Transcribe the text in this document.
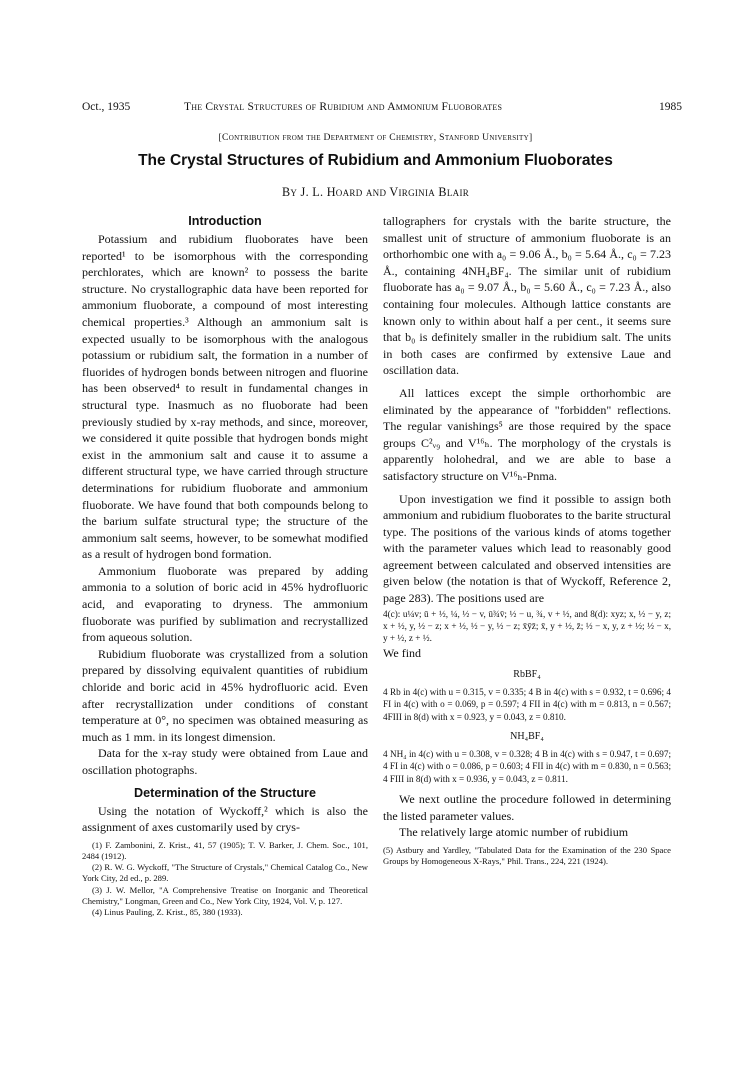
Oct., 1935	The Crystal Structures of Rubidium and Ammonium Fluoborates	1985
[Contribution from the Department of Chemistry, Stanford University]
The Crystal Structures of Rubidium and Ammonium Fluoborates
By J. L. Hoard and Virginia Blair
Introduction

Potassium and rubidium fluoborates have been reported¹ to be isomorphous with the corresponding perchlorates, which are known² to possess the barite structure. No crystallographic data have been reported for ammonium fluoborate, a compound of most interesting chemical properties.³ Although an ammonium salt is expected usually to be isomorphous with the analogous potassium or rubidium salt, the formation in a number of fluorides of hydrogen bonds between nitrogen and fluorine has been observed⁴ to result in fundamental changes in structural type. Inasmuch as no fluoborate had been previously studied by x-ray methods, and since, moreover, we considered it quite possible that hydrogen bonds might exist in the ammonium salt and cause it to assume a different structural type, we have carried through structure determinations for rubidium fluoborate and ammonium fluoborate. We have found that both compounds belong to the barium sulfate structural type; the structure of the ammonium salt seems, however, to be somewhat modified as a result of hydrogen bond formation.

Ammonium fluoborate was prepared by adding ammonia to a solution of boric acid in 45% hydrofluoric acid, and evaporating to dryness. The ammonium fluoborate was purified by sublimation and recrystallized from aqueous solution.

Rubidium fluoborate was crystallized from a solution prepared by dissolving equivalent quantities of rubidium chloride and boric acid in 45% hydrofluoric acid. Even after recrystallization under conditions of constant temperature at 0°, no specimen was obtained measuring as much as 1 mm. in its longest dimension.

Data for the x-ray study were obtained from Laue and oscillation photographs.

Determination of the Structure

Using the notation of Wyckoff,² which is also the assignment of axes customarily used by crys-

(1) F. Zambonini, Z. Krist., 41, 57 (1905); T. V. Barker, J. Chem. Soc., 101, 2484 (1912).
(2) R. W. G. Wyckoff, "The Structure of Crystals," Chemical Catalog Co., New York City, 2d ed., p. 289.
(3) J. W. Mellor, "A Comprehensive Treatise on Inorganic and Theoretical Chemistry," Longman, Green and Co., New York City, 1924, Vol. V, p. 127.
(4) Linus Pauling, Z. Krist., 85, 380 (1933).

tallographers for crystals with the barite structure, the smallest unit of structure of ammonium fluoborate is an orthorhombic one with a₀ = 9.06 Å., b₀ = 5.64 Å., c₀ = 7.23 Å., containing 4NH₄BF₄. The similar unit of rubidium fluoborate has a₀ = 9.07 Å., b₀ = 5.60 Å., c₀ = 7.23 Å., also containing four molecules. Although lattice constants are known only to within about half a per cent., it seems sure that b₀ is definitely smaller in the rubidium salt. The units in both cases are confirmed by extensive Laue and oscillation data.

All lattices except the simple orthorhombic are eliminated by the appearance of "forbidden" reflections. The regular vanishings⁵ are those required by the space groups C²ᵥ₉ and V¹⁶ₕ. The morphology of the crystals is apparently holohedral, and we are able to base a satisfactory structure on V¹⁶ₕ-Pnma.

Upon investigation we find it possible to assign both ammonium and rubidium fluoborates to the barite structural type. The positions of the various kinds of atoms together with the parameter values which lead to reasonably good agreement between calculated and observed intensities are given below (the notation is that of Wyckoff, Reference 2, page 283). The positions used are

4(c): u¼v; ū + ½, ¼, ½ − v, ū¾v̄; ½ − u, ¾, v + ½, and 8(d): xyz; x, ½ − y, z; x + ½, y, ½ − z; x + ½, ½ − y, ½ − z; x̄ȳz̄; x̄, y + ½, z̄; ½ − x, y, z + ½; ½ − x, y + ½, z + ½.

We find

RbBF₄

4 Rb in 4(c) with u = 0.315, v = 0.335; 4 B in 4(c) with s = 0.932, t = 0.696; 4 FI in 4(c) with o = 0.069, p = 0.597; 4 FII in 4(c) with m = 0.813, n = 0.567; 4FIII in 8(d) with x = 0.923, y = 0.043, z = 0.810.

NH₄BF₄

4 NH₄ in 4(c) with u = 0.308, v = 0.328; 4 B in 4(c) with s = 0.947, t = 0.697; 4 FI in 4(c) with o = 0.086, p = 0.603; 4 FII in 4(c) with m = 0.830, n = 0.563; 4 FIII in 8(d) with x = 0.936, y = 0.043, z = 0.811.

We next outline the procedure followed in determining the listed parameter values.

The relatively large atomic number of rubidium

(5) Astbury and Yardley, "Tabulated Data for the Examination of the 230 Space Groups by Homogeneous X-Rays," Phil. Trans., 224, 221 (1924).
